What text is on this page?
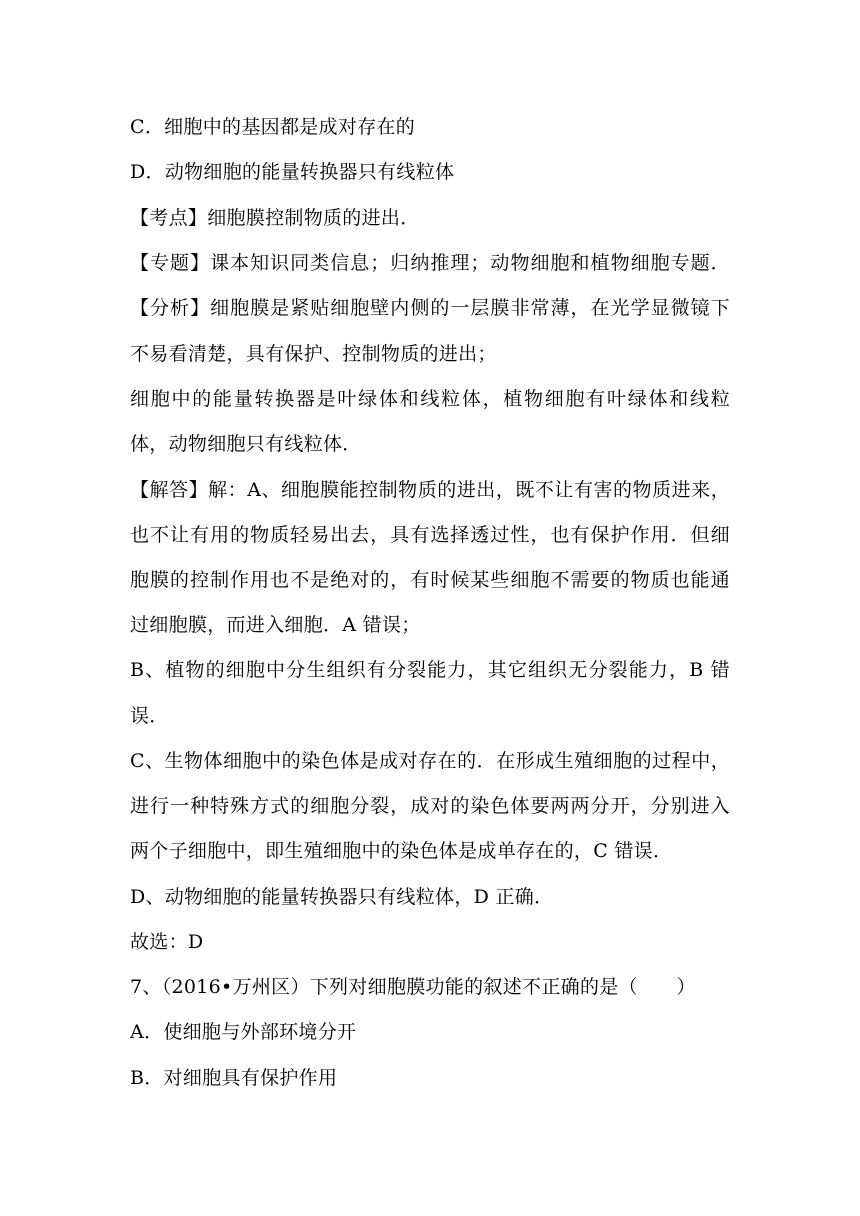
C．细胞中的基因都是成对存在的
D．动物细胞的能量转换器只有线粒体
【考点】细胞膜控制物质的进出．
【专题】课本知识同类信息；归纳推理；动物细胞和植物细胞专题．
【分析】细胞膜是紧贴细胞壁内侧的一层膜非常薄，在光学显微镜下
不易看清楚，具有保护、控制物质的进出；
细胞中的能量转换器是叶绿体和线粒体，植物细胞有叶绿体和线粒
体，动物细胞只有线粒体．
【解答】解：A、细胞膜能控制物质的进出，既不让有害的物质进来，
也不让有用的物质轻易出去，具有选择透过性，也有保护作用．但细
胞膜的控制作用也不是绝对的，有时候某些细胞不需要的物质也能通
过细胞膜，而进入细胞．A 错误；
B、植物的细胞中分生组织有分裂能力，其它组织无分裂能力，B 错
误．
C、生物体细胞中的染色体是成对存在的．在形成生殖细胞的过程中，
进行一种特殊方式的细胞分裂，成对的染色体要两两分开，分别进入
两个子细胞中，即生殖细胞中的染色体是成单存在的，C 错误．
D、动物细胞的能量转换器只有线粒体，D 正确．
故选：D
7、（2016•万州区）下列对细胞膜功能的叙述不正确的是（　　）
A．使细胞与外部环境分开
B．对细胞具有保护作用
